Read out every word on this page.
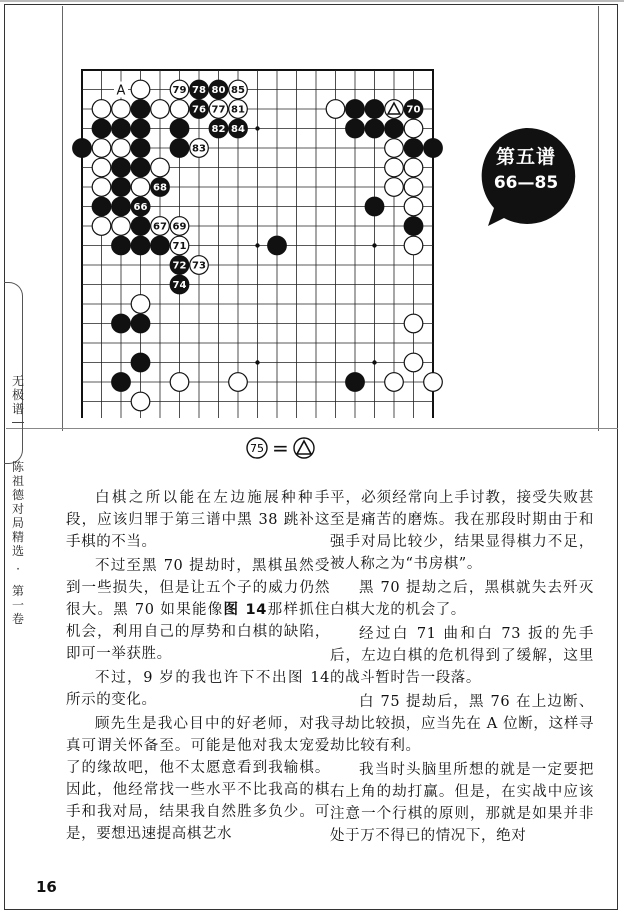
无极谱
陈祖德对局精选
·
第一卷
79 78 80 85
76 77 81
82 84
83
68
66
67 69
71
72 73
74
70
A
第五谱
66—85
75 =

白棋之所以能在左边施展种种手段，应该归罪于第三谱中黑 38 跳补这手棋的不当。

不过至黑 70 提劫时，黑棋虽然受到一些损失，但是让五个子的威力仍然很大。黑 70 如果能像图 14那样抓住机会，利用自己的厚势和白棋的缺陷，即可一举获胜。

不过，9 岁的我也许下不出图 14 所示的变化。

顾先生是我心目中的好老师，对我真可谓关怀备至。可能是他对我太宠爱了的缘故吧，他不太愿意看到我输棋。因此，他经常找一些水平不比我高的棋手和我对局，结果我自然胜多负少。可是，要想迅速提高棋艺水

平，必须经常向上手讨教，接受失败甚至是痛苦的磨炼。我在那段时期由于和强手对局比较少，结果显得棋力不足，被人称之为“书房棋”。

黑 70 提劫之后，黑棋就失去歼灭白棋大龙的机会了。

经过白 71 曲和白 73 扳的先手后，左边白棋的危机得到了缓解，这里的战斗暂时告一段落。

白 75 提劫后，黑 76 在上边断、寻劫比较损，应当先在 A 位断，这样寻劫比较有利。

我当时头脑里所想的就是一定要把右上角的劫打赢。但是，在实战中应该注意一个行棋的原则，那就是如果并非处于万不得已的情况下，绝对

16
